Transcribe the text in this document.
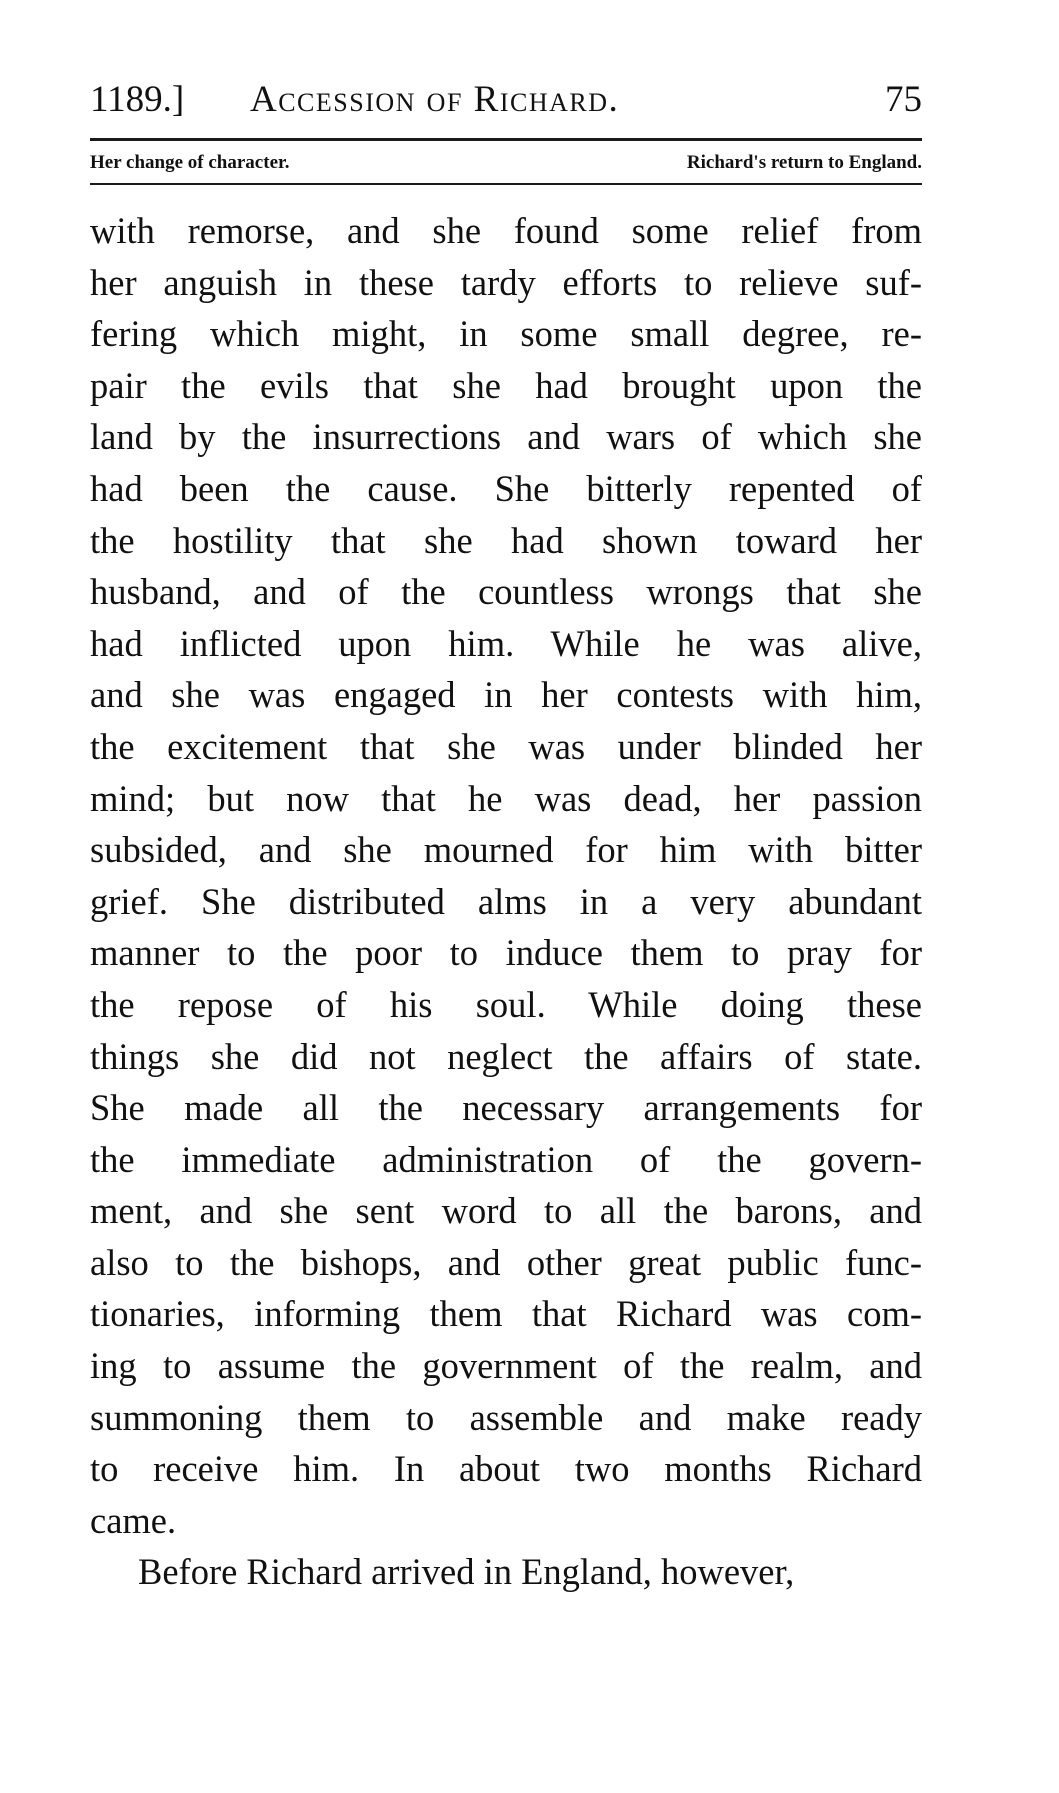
1189.] Accession of Richard.	75
Her change of character.	Richard's return to England.
with remorse, and she found some relief from
her anguish in these tardy efforts to relieve suf-
fering which might, in some small degree, re-
pair the evils that she had brought upon the
land by the insurrections and wars of which she
had been the cause. She bitterly repented of
the hostility that she had shown toward her
husband, and of the countless wrongs that she
had inflicted upon him. While he was alive,
and she was engaged in her contests with him,
the excitement that she was under blinded her
mind; but now that he was dead, her passion
subsided, and she mourned for him with bitter
grief. She distributed alms in a very abundant
manner to the poor to induce them to pray for
the repose of his soul. While doing these
things she did not neglect the affairs of state.
She made all the necessary arrangements for
the immediate administration of the govern-
ment, and she sent word to all the barons, and
also to the bishops, and other great public func-
tionaries, informing them that Richard was com-
ing to assume the government of the realm, and
summoning them to assemble and make ready
to receive him. In about two months Richard
came.
Before Richard arrived in England, however,
